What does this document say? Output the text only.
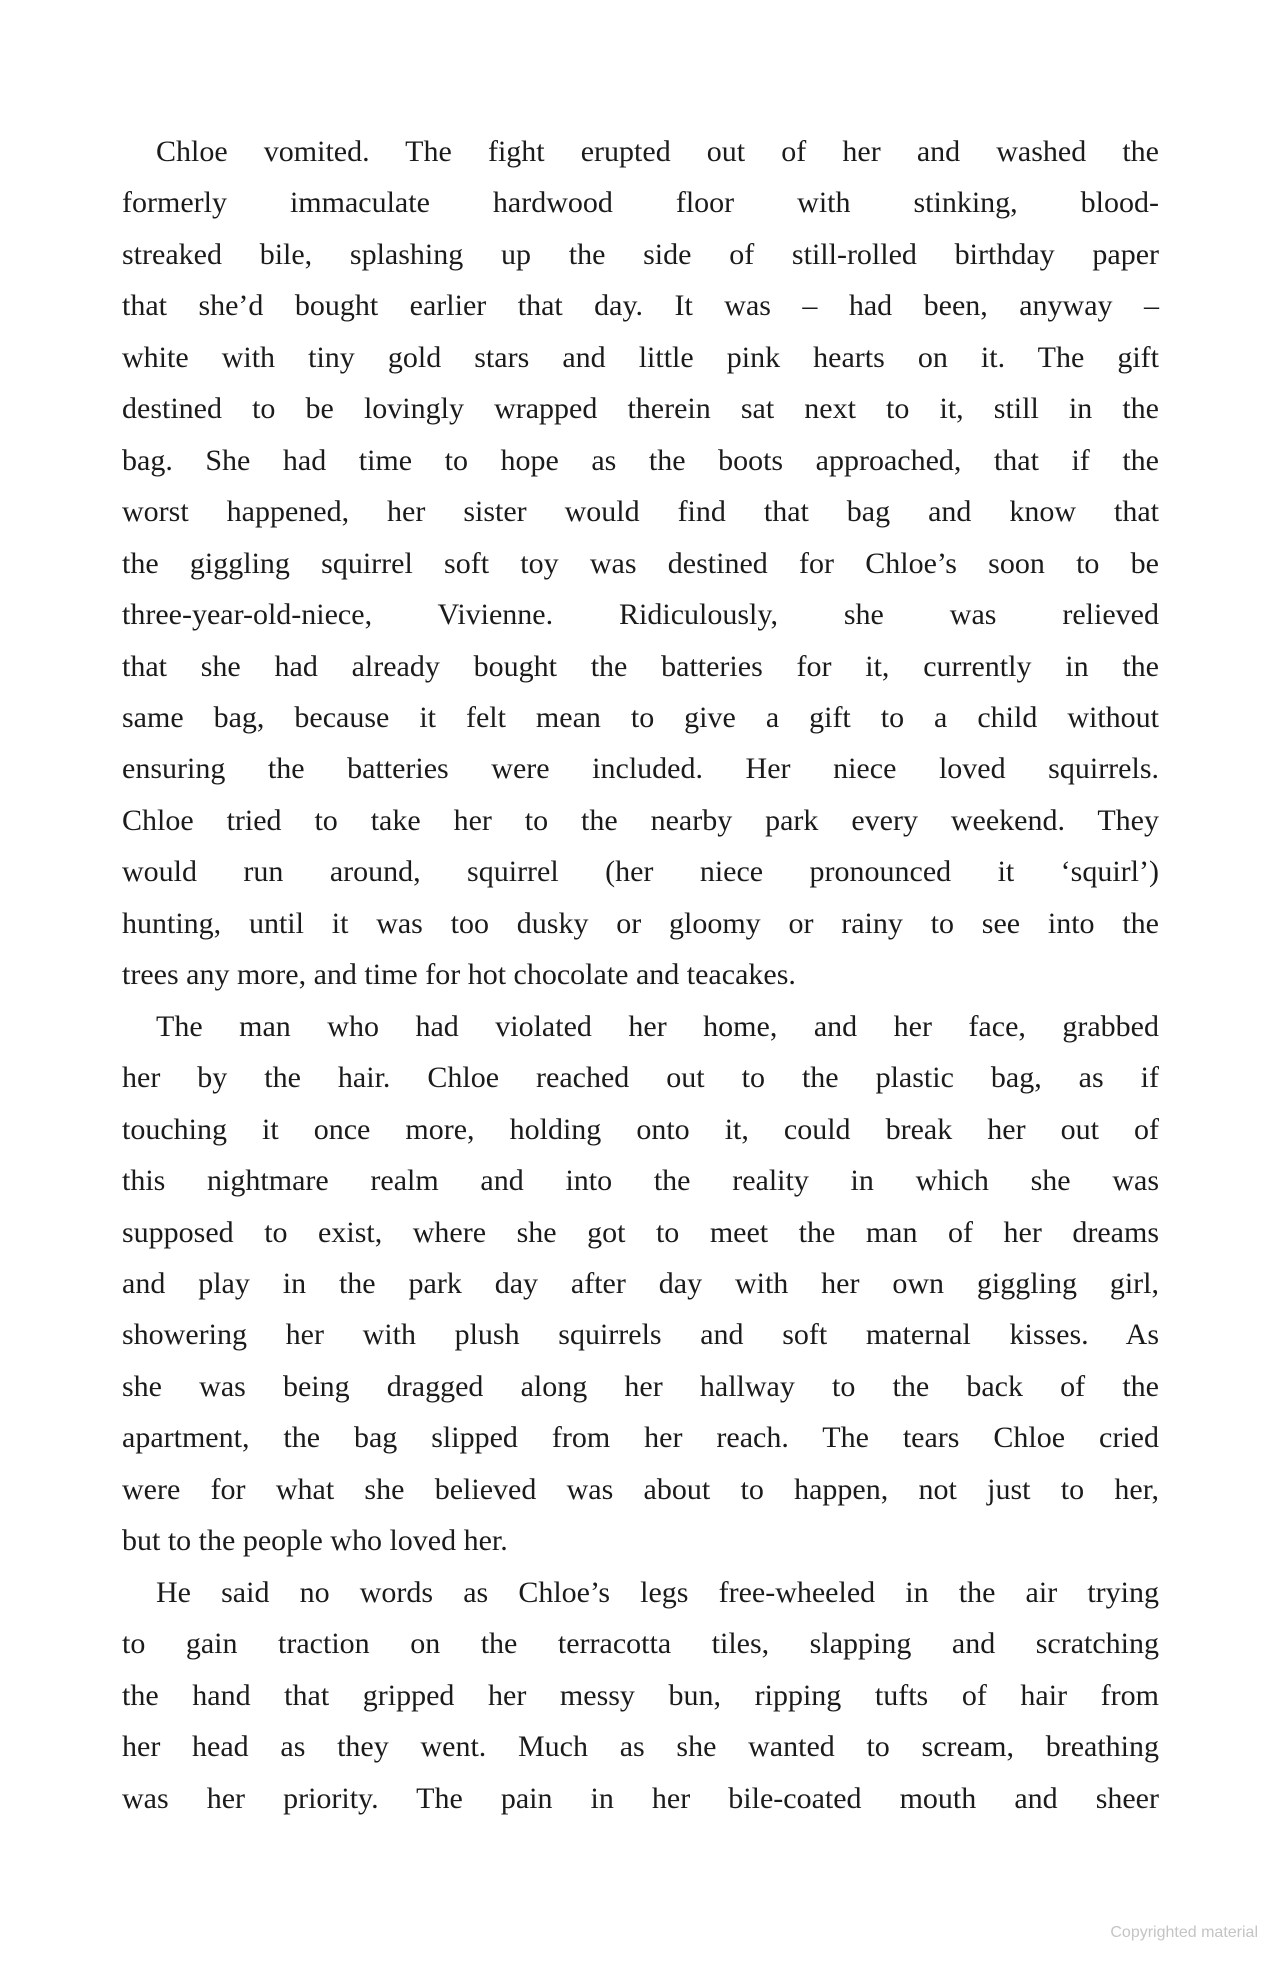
Chloe vomited. The fight erupted out of her and washed the
formerly immaculate hardwood floor with stinking, blood-
streaked bile, splashing up the side of still-rolled birthday paper
that she’d bought earlier that day. It was – had been, anyway –
white with tiny gold stars and little pink hearts on it. The gift
destined to be lovingly wrapped therein sat next to it, still in the
bag. She had time to hope as the boots approached, that if the
worst happened, her sister would find that bag and know that
the giggling squirrel soft toy was destined for Chloe’s soon to be
three-year-old-niece, Vivienne. Ridiculously, she was relieved
that she had already bought the batteries for it, currently in the
same bag, because it felt mean to give a gift to a child without
ensuring the batteries were included. Her niece loved squirrels.
Chloe tried to take her to the nearby park every weekend. They
would run around, squirrel (her niece pronounced it ‘squirl’)
hunting, until it was too dusky or gloomy or rainy to see into the
trees any more, and time for hot chocolate and teacakes.
The man who had violated her home, and her face, grabbed
her by the hair. Chloe reached out to the plastic bag, as if
touching it once more, holding onto it, could break her out of
this nightmare realm and into the reality in which she was
supposed to exist, where she got to meet the man of her dreams
and play in the park day after day with her own giggling girl,
showering her with plush squirrels and soft maternal kisses. As
she was being dragged along her hallway to the back of the
apartment, the bag slipped from her reach. The tears Chloe cried
were for what she believed was about to happen, not just to her,
but to the people who loved her.
He said no words as Chloe’s legs free-wheeled in the air trying
to gain traction on the terracotta tiles, slapping and scratching
the hand that gripped her messy bun, ripping tufts of hair from
her head as they went. Much as she wanted to scream, breathing
was her priority. The pain in her bile-coated mouth and sheer
Copyrighted material
